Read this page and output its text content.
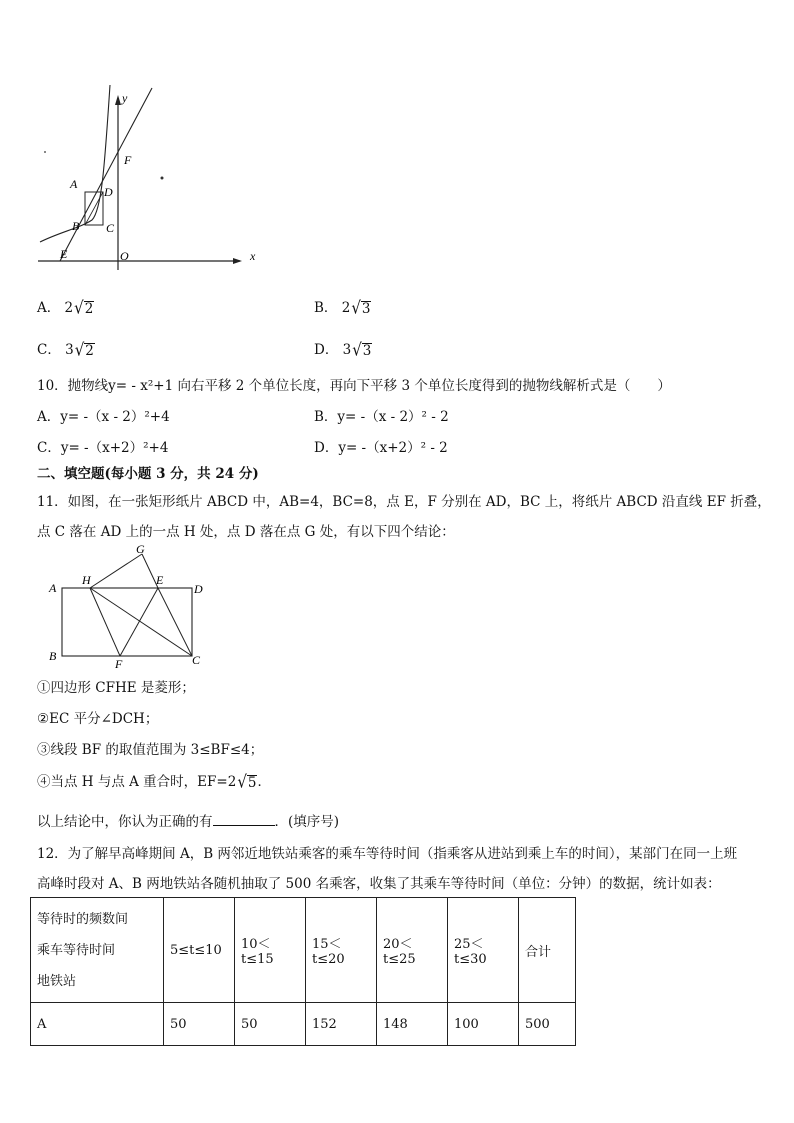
y
x
O
A
B C
D
E
F
A． 2 √ 2	B． 2 √ 3
C． 3 √ 2	D． 3 √ 3
10．抛物线y= - x²+1 向右平移 2 个单位长度，再向下平移 3 个单位长度得到的抛物线解析式是（　　）
A．y= -（x - 2）²+4	B．y= -（x - 2）² - 2
C．y= -（x+2）²+4	D．y= -（x+2）² - 2
二、填空题(每小题 3 分，共 24 分)
11．如图，在一张矩形纸片 ABCD 中，AB=4，BC=8，点 E，F 分别在 AD，BC 上，将纸片 ABCD 沿直线 EF 折叠，
点 C 落在 AD 上的一点 H 处，点 D 落在点 G 处，有以下四个结论：
G
H	E
A	D
B
F	C
①四边形 CFHE 是菱形；
②EC 平分∠DCH；
③线段 BF 的取值范围为 3≤BF≤4；
④当点 H 与点 A 重合时，EF= 2 √ 5 ．
以上结论中，你认为正确的有	．(填序号)
12．为了解早高峰期间 A，B 两邻近地铁站乘客的乘车等待时间（指乘客从进站到乘上车的时间），某部门在同一上班
高峰时段对 A、B 两地铁站各随机抽取了 500 名乘客，收集了其乘车等待时间（单位：分钟）的数据，统计如表：
等待时的频数间
乘车等待时间
地铁站	5≤t≤10	10＜t≤15	15＜t≤20	20＜t≤25	25＜t≤30	合计
A	50	50	152	148	100	500
